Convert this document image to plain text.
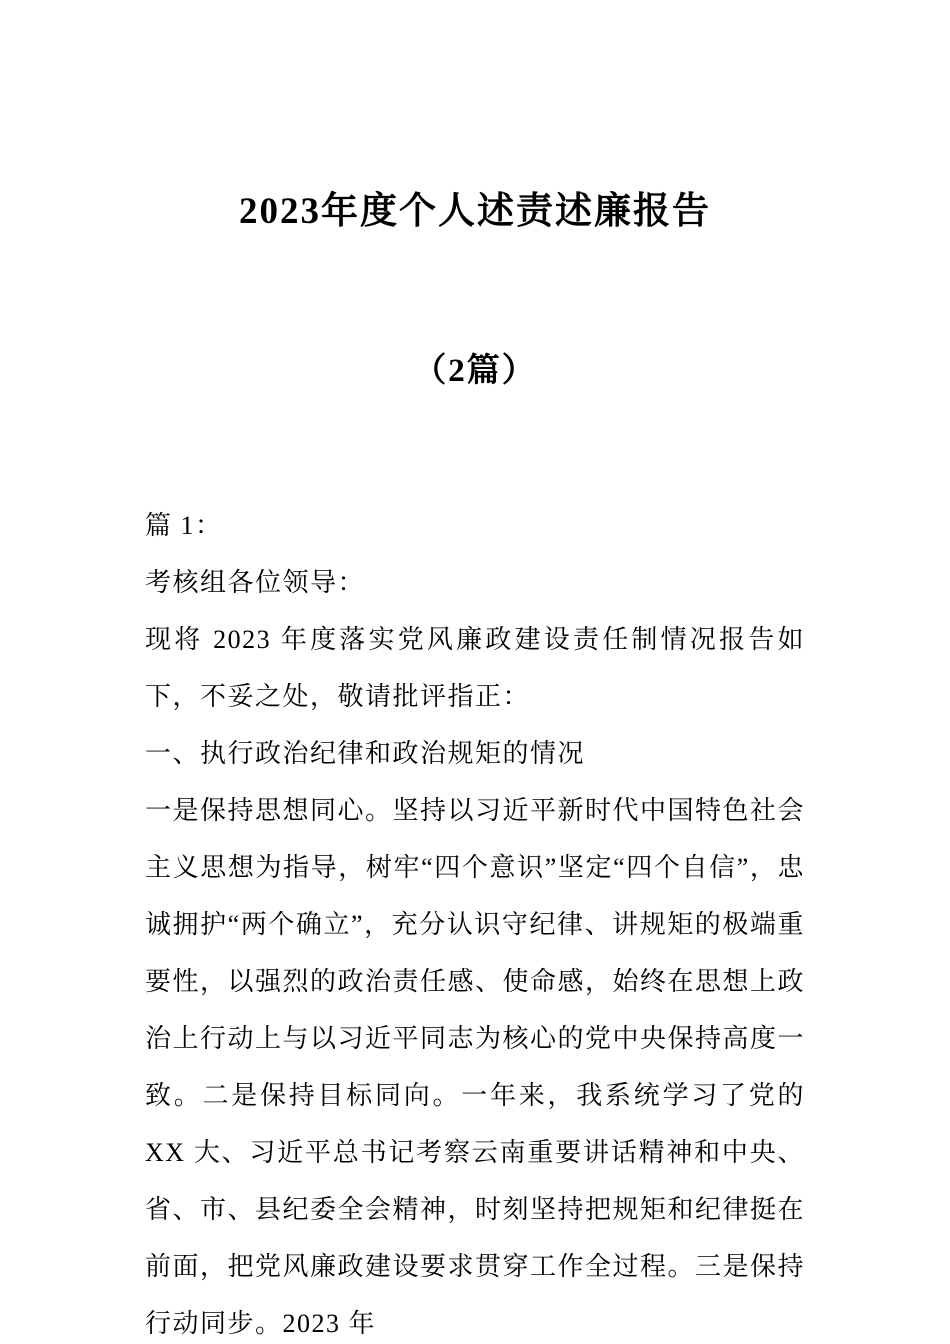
2023年度个人述责述廉报告
（2篇）

篇 1：

考核组各位领导：

现将 2023 年度落实党风廉政建设责任制情况报告如下，不妥之处，敬请批评指正：

一、执行政治纪律和政治规矩的情况

一是保持思想同心。坚持以习近平新时代中国特色社会主义思想为指导，树牢“四个意识”坚定“四个自信”，忠诚拥护“两个确立”，充分认识守纪律、讲规矩的极端重要性，以强烈的政治责任感、使命感，始终在思想上政治上行动上与以习近平同志为核心的党中央保持高度一致。二是保持目标同向。一年来，我系统学习了党的 XX 大、习近平总书记考察云南重要讲话精神和中央、省、市、县纪委全会精神，时刻坚持把规矩和纪律挺在前面，把党风廉政建设要求贯穿工作全过程。三是保持行动同步。2023 年
